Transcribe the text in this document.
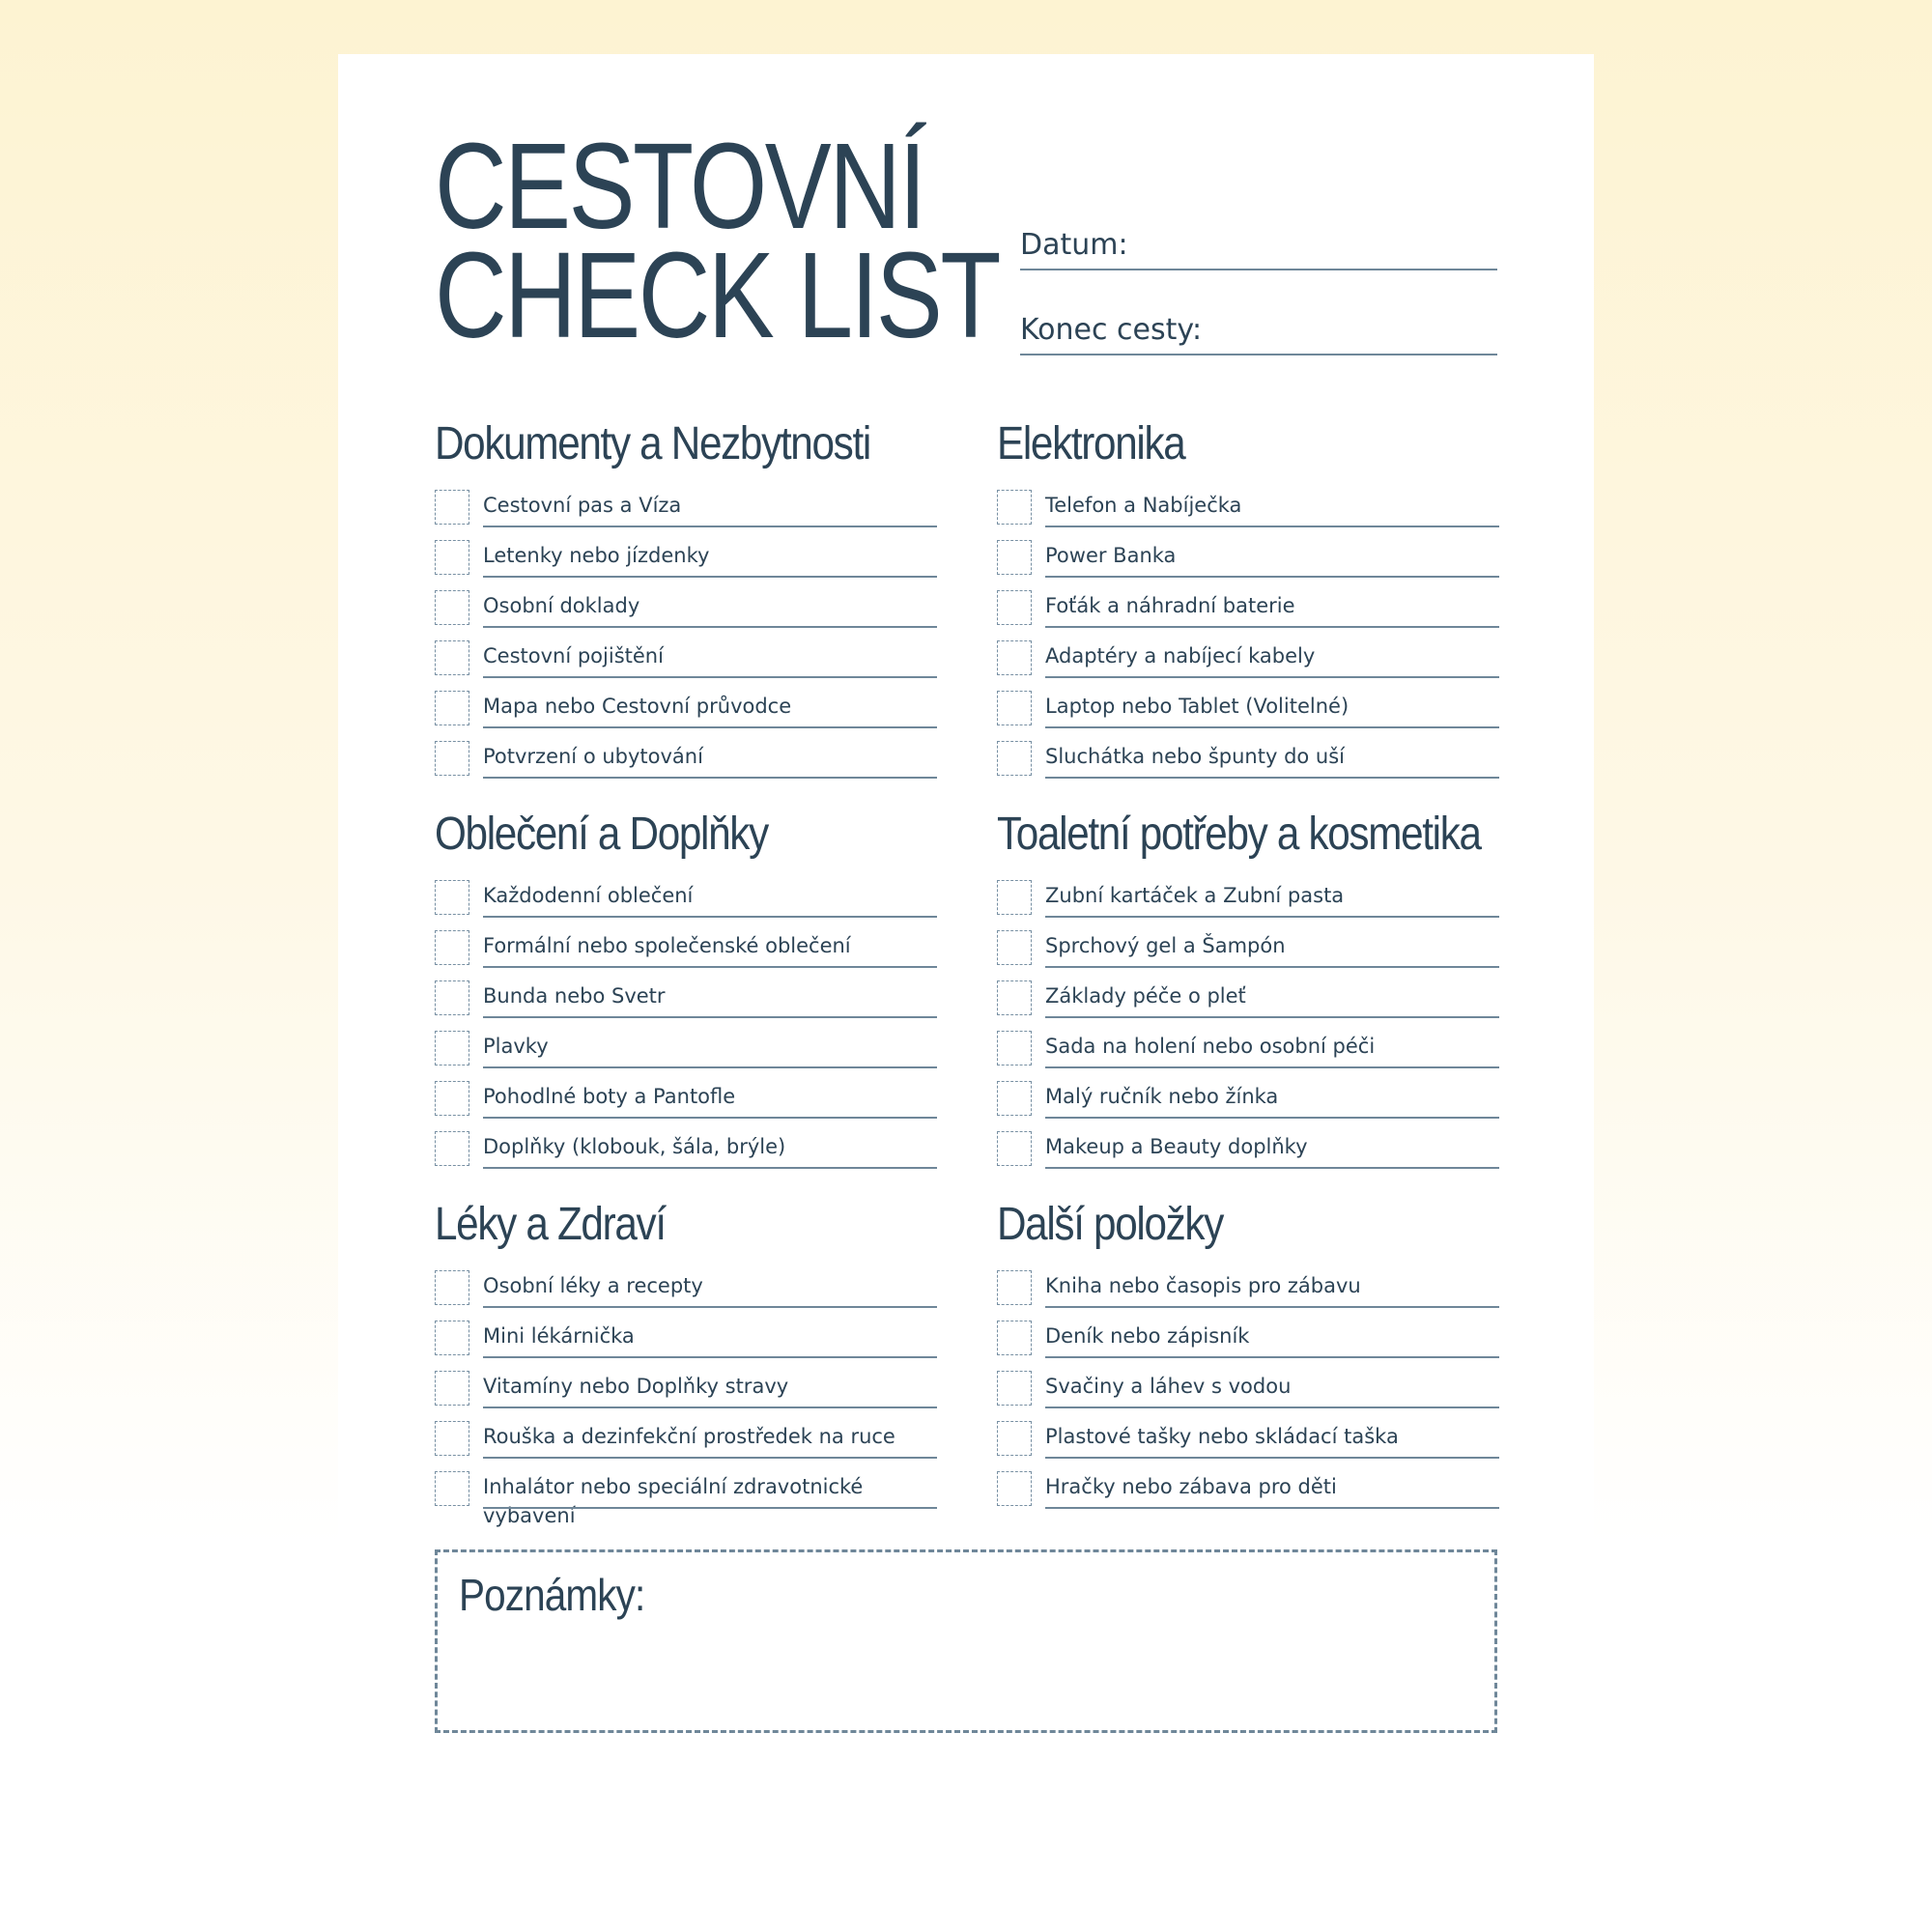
CESTOVNÍ
CHECK LIST Datum:
Konec cesty:
Dokumenty a Nezbytnosti
Cestovní pas a Víza
Letenky nebo jízdenky
Osobní doklady
Cestovní pojištění
Mapa nebo Cestovní průvodce
Potvrzení o ubytování
Elektronika
Telefon a Nabíječka
Power Banka
Foťák a náhradní baterie
Adaptéry a nabíjecí kabely
Laptop nebo Tablet (Volitelné)
Sluchátka nebo špunty do uší
Oblečení a Doplňky
Každodenní oblečení
Formální nebo společenské oblečení
Bunda nebo Svetr
Plavky
Pohodlné boty a Pantofle
Doplňky (klobouk, šála, brýle)
Toaletní potřeby a kosmetika
Zubní kartáček a Zubní pasta
Sprchový gel a Šampón
Základy péče o pleť
Sada na holení nebo osobní péči
Malý ručník nebo žínka
Makeup a Beauty doplňky
Léky a Zdraví
Osobní léky a recepty
Mini lékárnička
Vitamíny nebo Doplňky stravy
Rouška a dezinfekční prostředek na ruce
Inhalátor nebo speciální zdravotnické vybavení
Další položky
Kniha nebo časopis pro zábavu
Deník nebo zápisník
Svačiny a láhev s vodou
Plastové tašky nebo skládací taška
Hračky nebo zábava pro děti
Poznámky:
